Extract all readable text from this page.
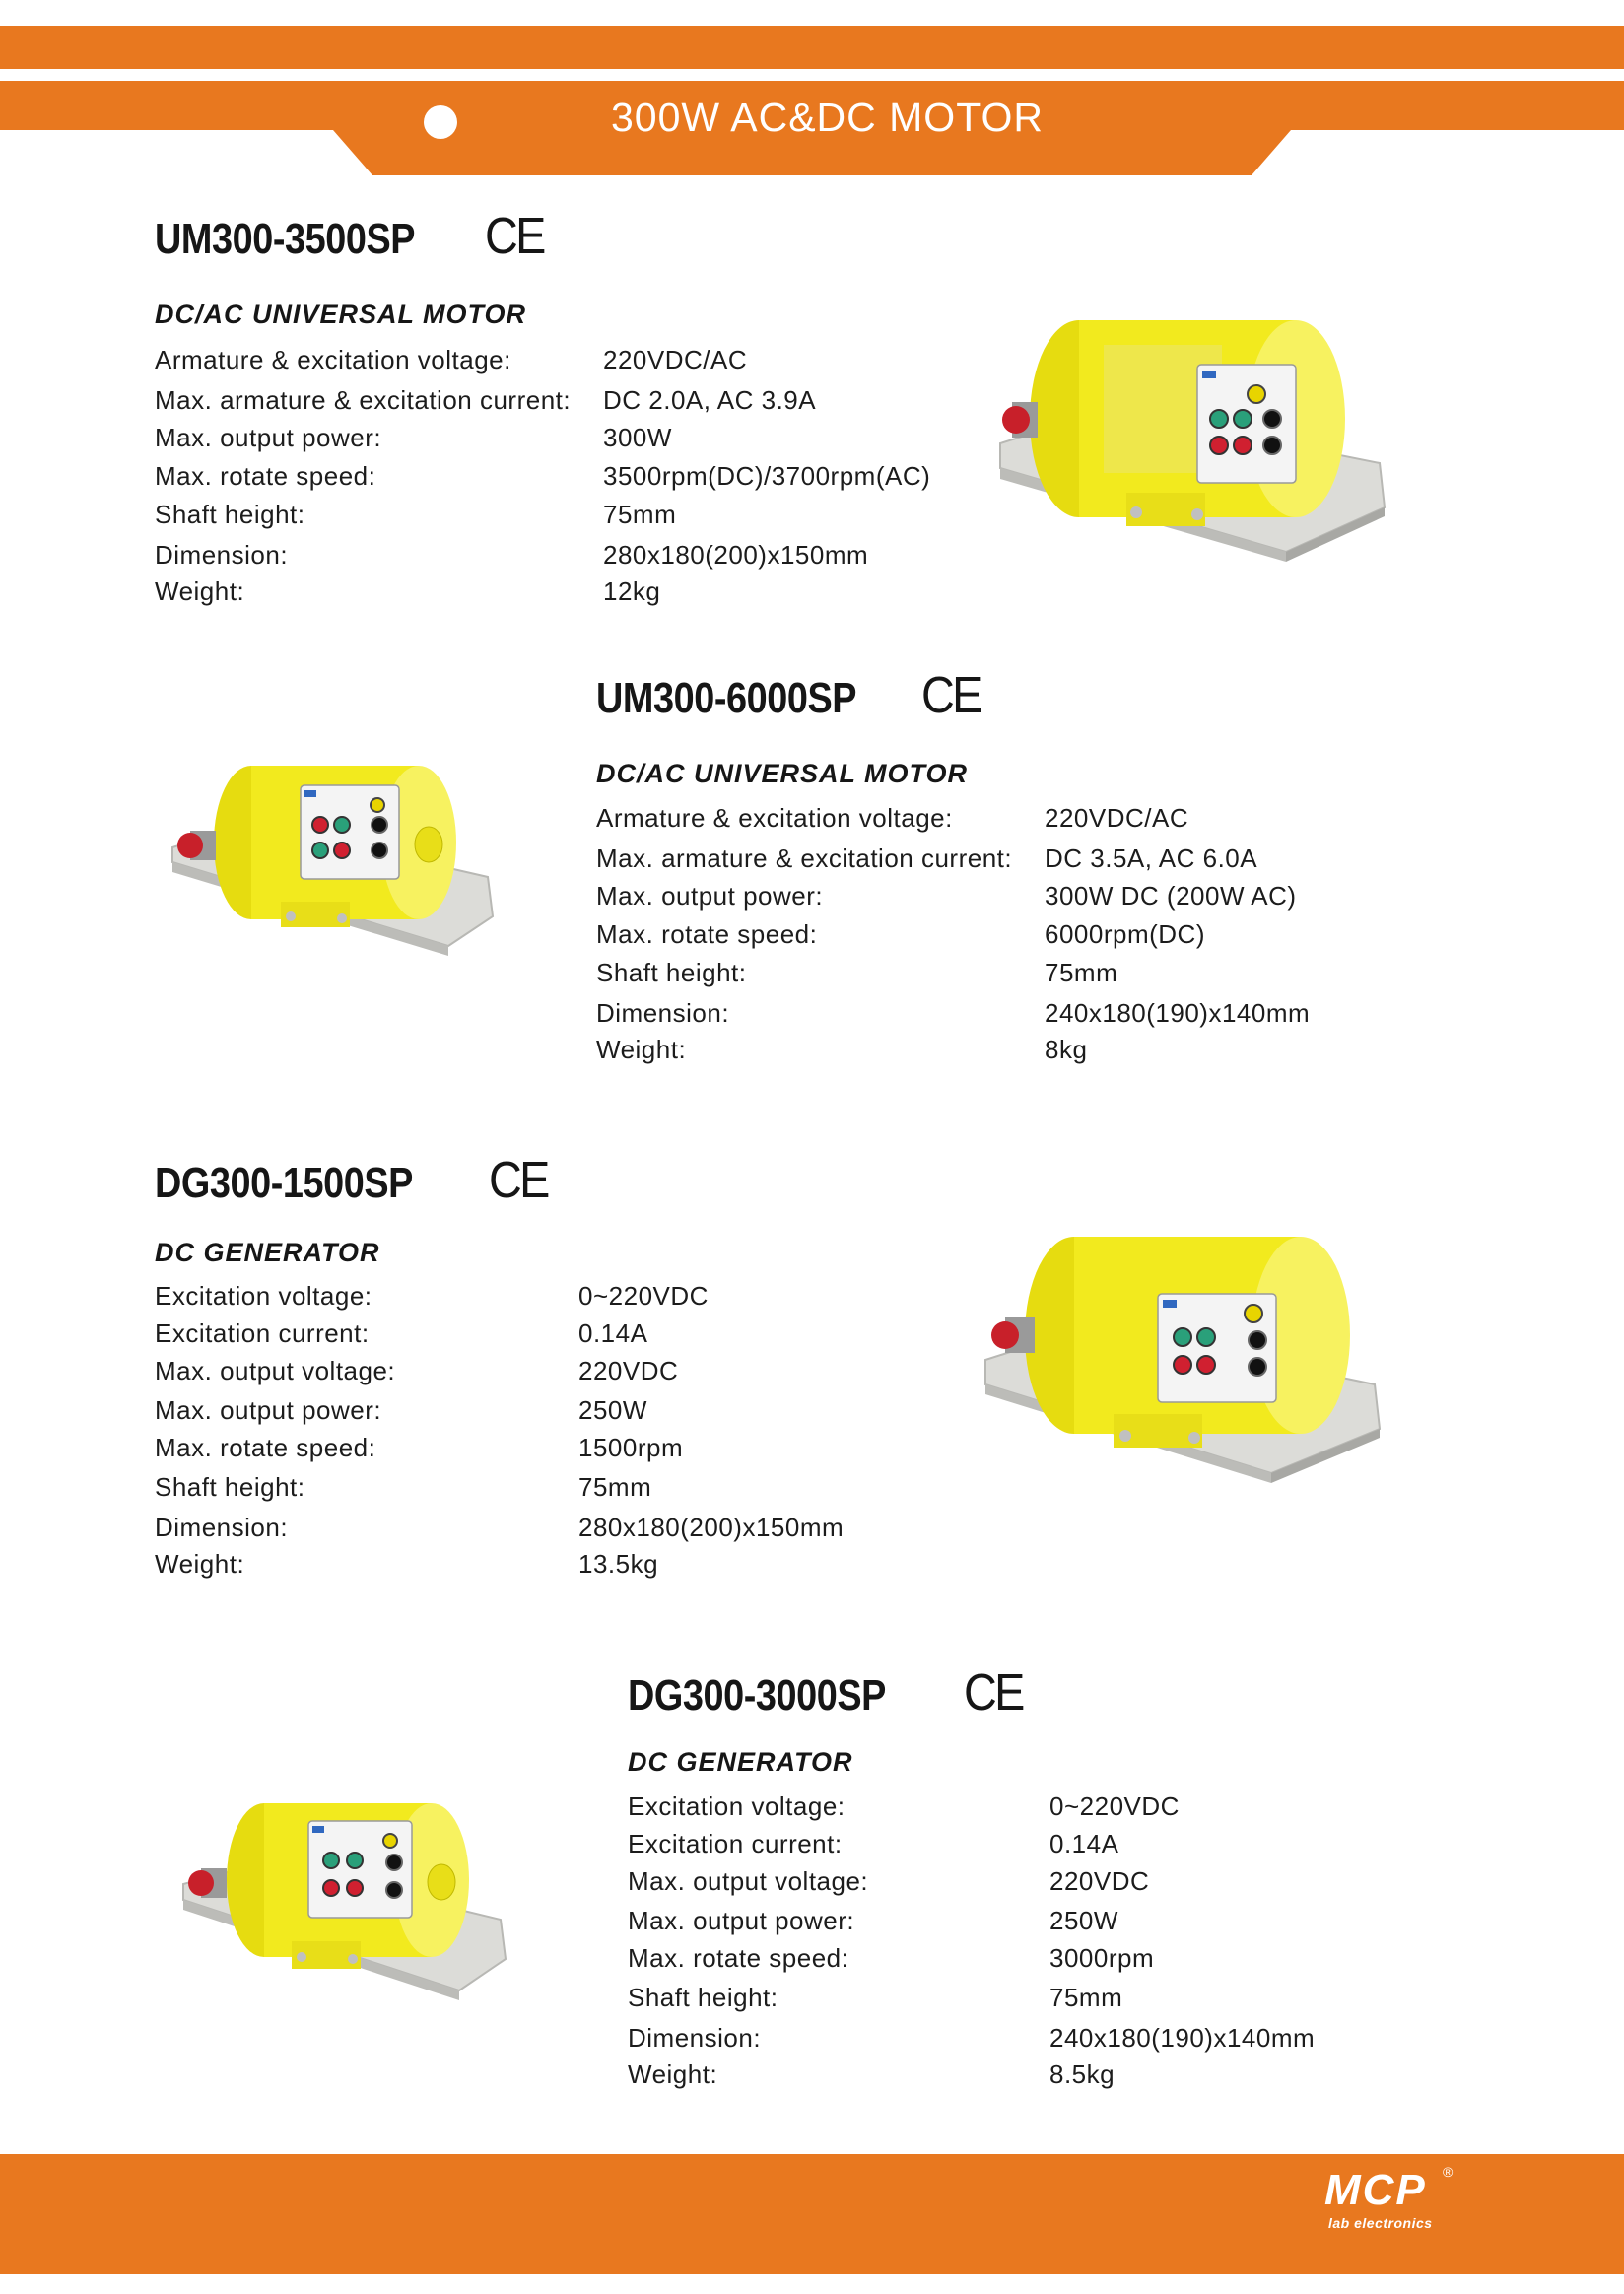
300W AC&DC MOTOR
UM300-3500SP CE
DC/AC UNIVERSAL MOTOR
Armature & excitation voltage:	220VDC/AC
Max. armature & excitation current: DC 2.0A, AC 3.9A
Max. output power:	300W
Max. rotate speed:	3500rpm(DC)/3700rpm(AC)
Shaft height:	75mm
Dimension:	280x180(200)x150mm
Weight:	12kg
UM300-6000SP CE
DC/AC UNIVERSAL MOTOR
Armature & excitation voltage:	220VDC/AC
Max. armature & excitation current: DC 3.5A, AC 6.0A
Max. output power:	300W DC (200W AC)
Max. rotate speed:	6000rpm(DC)
Shaft height:	75mm
Dimension:	240x180(190)x140mm
Weight:	8kg
DG300-1500SP CE
DC GENERATOR
Excitation voltage:	0~220VDC
Excitation current:	0.14A
Max. output voltage:	220VDC
Max. output power:	250W
Max. rotate speed:	1500rpm
Shaft height:	75mm
Dimension:	280x180(200)x150mm
Weight:	13.5kg
DG300-3000SP CE
DC GENERATOR
Excitation voltage:	0~220VDC
Excitation current:	0.14A
Max. output voltage:	220VDC
Max. output power:	250W
Max. rotate speed:	3000rpm
Shaft height:	75mm
Dimension:	240x180(190)x140mm
Weight:	8.5kg
MCP ®
lab electronics
